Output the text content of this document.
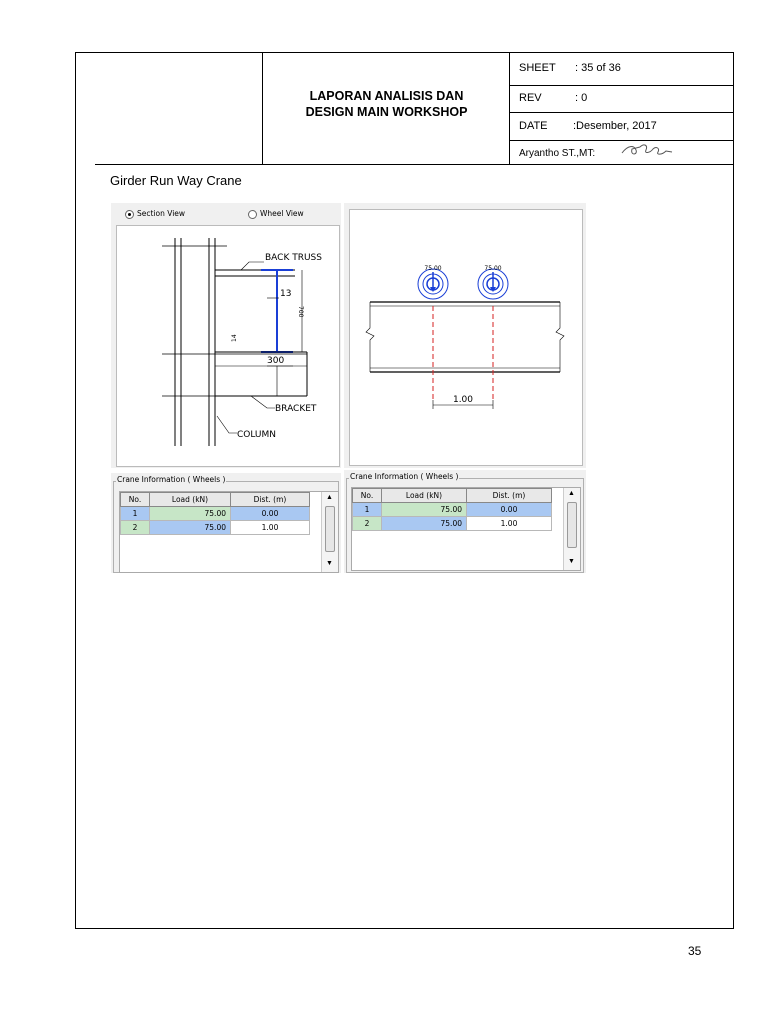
LAPORAN ANALISIS DAN
DESIGN MAIN WORKSHOP
SHEET : 35 of 36
REV	: 0
DATE :Desember, 2017
Aryantho ST.,MT:
Girder Run Way Crane
Section View	Wheel View
BACK TRUSS
13
700
14
300
BRACKET
COLUMN
75.00	75.00
1.00
Crane Information ( Wheels )
No.	Load (kN)	Dist. (m)
1	75.00	0.00
2	75.00	1.00
▲
▼
Crane Information ( Wheels )
No.	Load (kN)	Dist. (m)
1	75.00	0.00
2	75.00	1.00
▲
▼
35
